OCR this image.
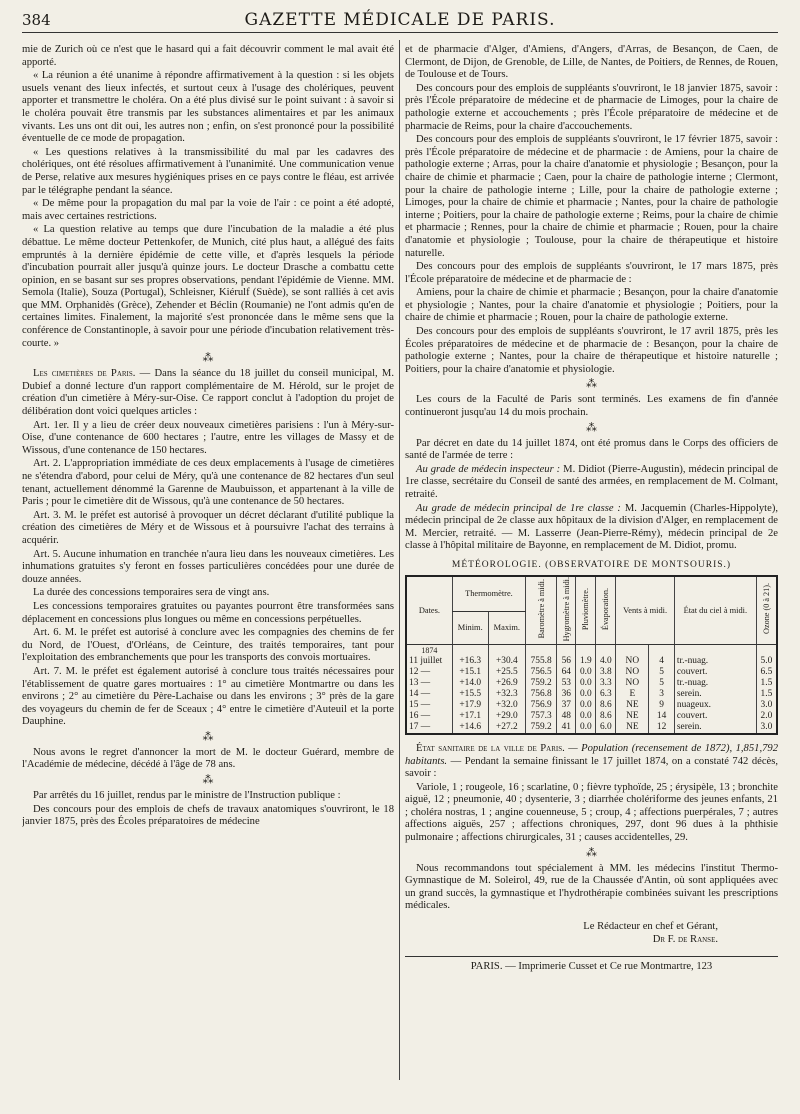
384	GAZETTE MÉDICALE DE PARIS.

mie de Zurich où ce n'est que le hasard qui a fait découvrir comment le mal avait été apporté.

« La réunion a été unanime à répondre affirmativement à la question : si les objets usuels venant des lieux infectés, et surtout ceux à l'usage des cholériques, peuvent apporter et transmettre le choléra. On a été plus divisé sur le point suivant : à savoir si le choléra pouvait être transmis par les substances alimentaires et par les animaux vivants. Les uns ont dit oui, les autres non ; enfin, on s'est prononcé pour la possibilité éventuelle de ce mode de propagation.

« Les questions relatives à la transmissibilité du mal par les cadavres des cholériques, ont été résolues affirmativement à l'unanimité. Une communication venue de Perse, relative aux mesures hygiéniques prises en ce pays contre le fléau, est arrivée par le télégraphe pendant la séance.

« De même pour la propagation du mal par la voie de l'air : ce point a été adopté, mais avec certaines restrictions.

« La question relative au temps que dure l'incubation de la maladie a été plus débattue. Le même docteur Pettenkofer, de Munich, cité plus haut, a allégué des faits empruntés à la dernière épidémie de cette ville, et d'après lesquels la période d'incubation pourrait aller jusqu'à quinze jours. Le docteur Drasche a combattu cette opinion, en se basant sur ses propres observations, pendant l'épidémie de Vienne. MM. Semola (Italie), Souza (Portugal), Schleisner, Kiérulf (Suède), se sont ralliés à cet avis que MM. Orphanidès (Grèce), Zehender et Béclin (Roumanie) ne l'ont admis qu'en de certaines limites. Finalement, la majorité s'est prononcée dans le même sens que la conférence de Constantinople, à savoir pour une période d'incubation relativement très-courte. »

⁂

Les cimetières de Paris. — Dans la séance du 18 juillet du conseil municipal, M. Dubief a donné lecture d'un rapport complémentaire de M. Hérold, sur le projet de création d'un cimetière à Méry-sur-Oise. Ce rapport conclut à l'adoption du projet de délibération dont voici quelques articles :

Art. 1er. Il y a lieu de créer deux nouveaux cimetières parisiens : l'un à Méry-sur-Oise, d'une contenance de 600 hectares ; l'autre, entre les villages de Massy et de Wissous, d'une contenance de 150 hectares.

Art. 2. L'appropriation immédiate de ces deux emplacements à l'usage de cimetières ne s'étendra d'abord, pour celui de Méry, qu'à une contenance de 82 hectares d'un seul tenant, actuellement dénommé la Garenne de Maubuisson, et appartenant à la ville de Paris ; pour le cimetière dit de Wissous, qu'à une contenance de 50 hectares.

Art. 3. M. le préfet est autorisé à provoquer un décret déclarant d'utilité publique la création des cimetières de Méry et de Wissous et à poursuivre l'achat des terrains à acquérir.

Art. 5. Aucune inhumation en tranchée n'aura lieu dans les nouveaux cimetières. Les inhumations gratuites s'y feront en fosses particulières concédées pour une durée de douze années.

La durée des concessions temporaires sera de vingt ans.

Les concessions temporaires gratuites ou payantes pourront être transformées sans déplacement en concessions plus longues ou même en concessions perpétuelles.

Art. 6. M. le préfet est autorisé à conclure avec les compagnies des chemins de fer du Nord, de l'Ouest, d'Orléans, de Ceinture, des traités temporaires, tant pour l'exploitation des embranchements que pour les transports des convois mortuaires.

Art. 7. M. le préfet est également autorisé à conclure tous traités nécessaires pour l'établissement de quatre gares mortuaires : 1° au cimetière Montmartre ou dans les environs ; 2° au cimetière du Père-Lachaise ou dans les environs ; 3° près de la gare des voyageurs du chemin de fer de Sceaux ; 4° entre le cimetière d'Auteuil et la porte Dauphine.

⁂

Nous avons le regret d'annoncer la mort de M. le docteur Guérard, membre de l'Académie de médecine, décédé à l'âge de 78 ans.

⁂

Par arrêtés du 16 juillet, rendus par le ministre de l'Instruction publique :

Des concours pour des emplois de chefs de travaux anatomiques s'ouvriront, le 18 janvier 1875, près des Écoles préparatoires de médecine

et de pharmacie d'Alger, d'Amiens, d'Angers, d'Arras, de Besançon, de Caen, de Clermont, de Dijon, de Grenoble, de Lille, de Nantes, de Poitiers, de Rennes, de Rouen, de Toulouse et de Tours.

Des concours pour des emplois de suppléants s'ouvriront, le 18 janvier 1875, savoir : près l'École préparatoire de médecine et de pharmacie de Limoges, pour la chaire de pathologie externe et accouchements ; près l'École préparatoire de médecine et de pharmacie de Reims, pour la chaire d'accouchements.

Des concours pour des emplois de suppléants s'ouvriront, le 17 février 1875, savoir : près l'École préparatoire de médecine et de pharmacie : de Amiens, pour la chaire de pathologie externe ; Arras, pour la chaire d'anatomie et physiologie ; Besançon, pour la chaire de chimie et pharmacie ; Caen, pour la chaire de pathologie interne ; Clermont, pour la chaire de pathologie interne ; Lille, pour la chaire de pathologie externe ; Limoges, pour la chaire de chimie et pharmacie ; Nantes, pour la chaire de pathologie interne ; Poitiers, pour la chaire de pathologie externe ; Reims, pour la chaire de chimie et pharmacie ; Rennes, pour la chaire de chimie et pharmacie ; Rouen, pour la chaire d'anatomie et physiologie ; Toulouse, pour la chaire de thérapeutique et histoire naturelle.

Des concours pour des emplois de suppléants s'ouvriront, le 17 mars 1875, près l'École préparatoire de médecine et de pharmacie de :

Amiens, pour la chaire de chimie et pharmacie ; Besançon, pour la chaire d'anatomie et physiologie ; Nantes, pour la chaire d'anatomie et physiologie ; Poitiers, pour la chaire de chimie et pharmacie ; Rouen, pour la chaire de pathologie externe.

Des concours pour des emplois de suppléants s'ouvriront, le 17 avril 1875, près les Écoles préparatoires de médecine et de pharmacie de : Besançon, pour la chaire de pathologie externe ; Nantes, pour la chaire de thérapeutique et histoire naturelle ; Poitiers, pour la chaire d'anatomie et physiologie.

⁂

Les cours de la Faculté de Paris sont terminés. Les examens de fin d'année continueront jusqu'au 14 du mois prochain.

⁂

Par décret en date du 14 juillet 1874, ont été promus dans le Corps des officiers de santé de l'armée de terre :

Au grade de médecin inspecteur : M. Didiot (Pierre-Augustin), médecin principal de 1re classe, secrétaire du Conseil de santé des armées, en remplacement de M. Colmant, retraité.

Au grade de médecin principal de 1re classe : M. Jacquemin (Charles-Hippolyte), médecin principal de 2e classe aux hôpitaux de la division d'Alger, en remplacement de M. Mercier, retraité. — M. Lasserre (Jean-Pierre-Rémy), médecin principal de 2e classe à l'hôpital militaire de Bayonne, en remplacement de M. Didiot, promu.

MÉTÉOROLOGIE. (OBSERVATOIRE DE MONTSOURIS.)
Dates.	Thermomètre.		Baromètre à midi.	Hygromètre à midi.	Pluviomètre.	Évaporation.	Vents à midi.		État du ciel à midi.	Ozone (0 à 21).
	Minim.	Maxim.								
1874										
11 juillet	+16.3	+30.4	755.8	56	1.9	4.0	NO	4	tr.-nuag.	5.0
12 —	+15.1	+25.5	756.5	64	0.0	3.8	NO	5	couvert.	6.5
13 —	+14.0	+26.9	759.2	53	0.0	3.3	NO	5	tr.-nuag.	1.5
14 —	+15.5	+32.3	756.8	36	0.0	6.3	E	3	serein.	1.5
15 —	+17.9	+32.0	756.9	37	0.0	8.6	NE	9	nuageux.	3.0
16 —	+17.1	+29.0	757.3	48	0.0	8.6	NE	14	couvert.	2.0
17 —	+14.6	+27.2	759.2	41	0.0	6.0	NE	12	serein.	3.0

État sanitaire de la ville de Paris. — Population (recensement de 1872), 1,851,792 habitants. — Pendant la semaine finissant le 17 juillet 1874, on a constaté 742 décès, savoir :

Variole, 1 ; rougeole, 16 ; scarlatine, 0 ; fièvre typhoïde, 25 ; érysipèle, 13 ; bronchite aiguë, 12 ; pneumonie, 40 ; dysenterie, 3 ; diarrhée cholériforme des jeunes enfants, 21 ; choléra nostras, 1 ; angine couenneuse, 5 ; croup, 4 ; affections puerpérales, 7 ; autres affections aiguës, 257 ; affections chroniques, 297, dont 96 dues à la phthisie pulmonaire ; affections chirurgicales, 31 ; causes accidentelles, 29.

⁂

Nous recommandons tout spécialement à MM. les médecins l'institut Thermo-Gymnastique de M. Soleirol, 49, rue de la Chaussée d'Antin, où sont appliquées avec un grand succès, la gymnastique et l'hydrothérapie combinées suivant les prescriptions médicales.

Le Rédacteur en chef et Gérant,
Dr F. de Ranse.
PARIS. — Imprimerie Cusset et Ce rue Montmartre, 123
